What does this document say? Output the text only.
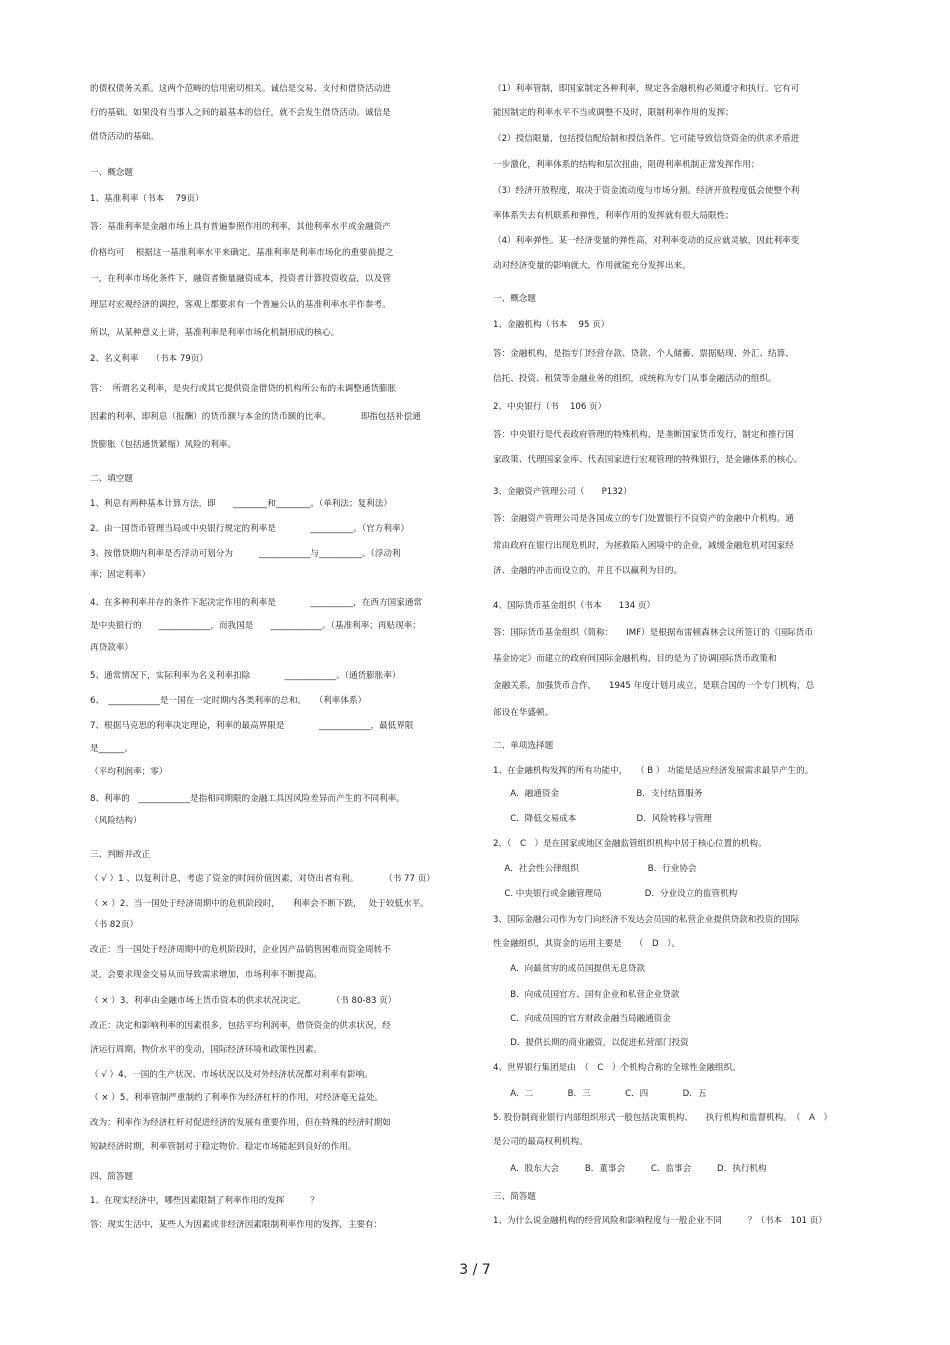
的债权债务关系。这两个范畴的信用密切相关。诚信是交易、支付和借贷活动进
行的基础。如果没有当事人之间的最基本的信任，就不会发生借贷活动。诚信是
借贷活动的基础。
一、概念题
1、基准利率（书本　 79页）
答：基准利率是金融市场上具有普遍参照作用的利率，其他利率水平或金融资产
价格均可　 根据这一基准利率水平来确定。基准利率是利率市场化的重要前提之
一，在利率市场化条件下，融资者衡量融资成本，投资者计算投资收益，以及管
理层对宏观经济的调控，客观上都要求有一个普遍公认的基准利率水平作参考。
所以，从某种意义上讲，基准利率是利率市场化机制形成的核心。
2、名义利率　　（书本 79页）
答：  所谓名义利率，是央行或其它提供资金借贷的机构所公布的未调整通货膨胀
因素的利率，即利息（报酬）的货币额与本金的货币额的比率。　　　　即指包括补偿通
货膨胀（包括通货紧缩）风险的利率。
二、填空题
1、利息有两种基本计算方法，即　　________和________。（单利法；复利法）
2、由一国货币管理当局或中央银行规定的利率是　　　　__________。（官方利率）
3、按借贷期内利率是否浮动可划分为　　　____________与__________。（浮动利
率；固定利率）
4、在多种利率并存的条件下起决定作用的利率是　　　　__________，在西方国家通常
是中央银行的　　____________，而我国是　　____________。（基准利率；再贴现率；
再贷款率）
5、通常情况下，实际利率为名义利率扣除　　　　____________。（通货膨胀率）
6、　____________是一国在一定时期内各类利率的总和。　　（利率体系）
7、根据马克思的利率决定理论，利率的最高界限是　　　　____________，最低界限
是______。
（平均利润率；零）
8、利率的　____________是指相同期限的金融工具因风险差异而产生的不同利率。
（风险结构）
三、判断并改正
（ √ ）1 、以复利计息，考虑了资金的时间价值因素，对贷出者有利。　　　　（书 77 页）
（ × ）2、当一国处于经济周期中的危机阶段时，　　利率会不断下跌，　 处于较低水平。
（书 82页）
改正：当一国处于经济周期中的危机阶段时，企业因产品销售困难而资金周转不
灵，会要求现金交易从而导致需求增加，市场利率不断提高。
（ × ）3、利率由金融市场上货币资本的供求状况决定。　　　　（书 80-83 页）
改正：决定和影响利率的因素很多，包括平均利润率，借贷资金的供求状况，经
济运行周期，物价水平的变动，国际经济环境和政策性因素。
（ √ ）4、一国的生产状况、市场状况以及对外经济状况都对利率有影响。
（ × ）5、利率管制严重制约了利率作为经济杠杆的作用，对经济毫无益处。
改为：利率作为经济杠杆对促进经济的发展有重要作用，但在特殊的经济时期如
短缺经济时期，利率管制对于稳定物价、稳定市场能起到良好的作用。
四、简答题
1、在现实经济中，哪些因素限制了利率作用的发挥　　　？
答：现实生活中，某些人为因素或非经济因素限制利率作用的发挥，主要有：
（1）利率管制，即国家制定各种利率，规定各金融机构必须遵守和执行。它有可
能因制定的利率水平不当或调整不及时，限制利率作用的发挥；
（2）授信限量，包括授信配给制和授信条件。它可能导致信贷资金的供求矛盾进
一步激化，利率体系的结构和层次扭曲，阻碍利率机制正常发挥作用；
（3）经济开放程度，取决于资金流动度与市场分割。经济开放程度低会使整个利
率体系失去有机联系和弹性，利率作用的发挥就有很大局限性；
（4）利率弹性。某一经济变量的弹性高，对利率变动的反应就灵敏，因此利率变
动对经济变量的影响就大，作用就能充分发挥出来。
一、概念题
1、金融机构（书本　 95 页）
答：金融机构，是指专门经营存款、贷款、个人储蓄、票据贴现、外汇、结算、
信托、投资、租赁等金融业务的组织，或统称为专门从事金融活动的组织。
2、中央银行（书　 106 页）
答：中央银行是代表政府管理的特殊机构，是垄断国家货币发行，制定和推行国
家政策、代理国家金库、代表国家进行宏观管理的特殊银行，是金融体系的核心。
3、金融资产管理公司（　　P132）
答：金融资产管理公司是各国成立的专门处置银行不良资产的金融中介机构。通
常由政府在银行出现危机时，为拯救陷入困境中的企业，减缓金融危机对国家经
济、金融的冲击而设立的，并且不以赢利为目的。
4、国际货币基金组织（书本　　134 页）
答：国际货币基金组织（简称：　　IMF）是根据布雷顿森林会议所签订的《国际货币
基金协定》而建立的政府间国际金融机构，目的是为了协调国际货币政策和
金融关系，加强货币合作，　　1945 年度计划月成立，是联合国的一个专门机构，总
部设在华盛顿。
二、单项选择题
1、在金融机构发挥的所有功能中，　　（ B ） 功能是适应经济发展需求最早产生的。
　　A．融通资金　　　　　　　　　B．支付结算服务
　　C．降低交易成本　　　　　　　D．风险转移与管理
2、（　C　）是在国家或地区金融监管组织机构中居于核心位置的机构。
　 A．社会性公律组织　　　　　　　　B．行业协会
　 C. 中央银行或金融管理局　　　　　D．分业设立的监管机构
3、国际金融公司作为专门向经济不发达会员国的私营企业提供贷款和投资的国际
性金融组织，其资金的运用主要是　　（　D　）。
　　A．向最贫穷的成员国提供无息贷款
　　B．向成员国官方、国有企业和私营企业贷款
　　C．向成员国的官方财政金融当局融通资金
　　D．提供长期的商业融资，以促进私营部门投资
4、世界银行集团是由　（　C　）个机构合称的全球性金融组织。
　　A．二　　　　B．三　　　　C．四　　　　D．五
5. 股份制商业银行内部组织形式一般包括决策机构、　　执行机构和监督机构。　（　A　）
是公司的最高权利机构。
　　A．股东大会　　　B．董事会　　　C．监事会　　　D．执行机构
三、简答题
1、为什么说金融机构的经营风险和影响程度与一般企业不同　　　？（书本　101 页）
3 / 7
